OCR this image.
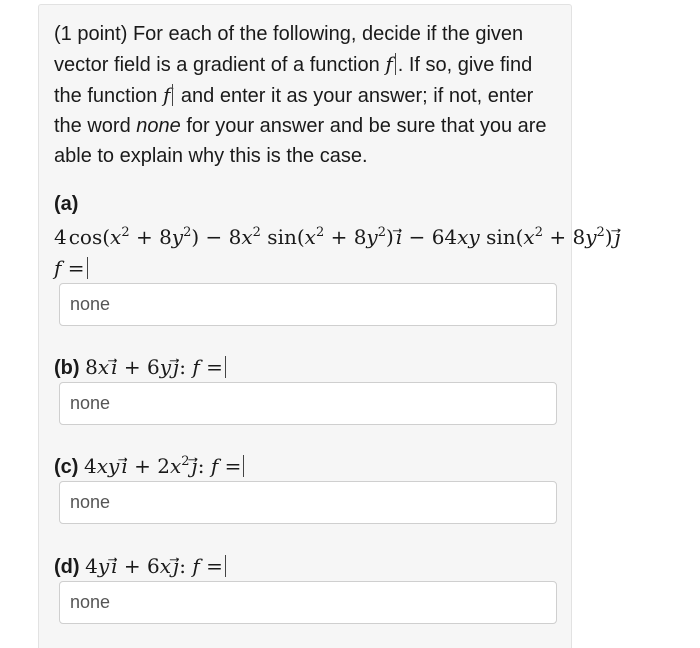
(1 point) For each of the following, decide if the given vector field is a gradient of a function f . If so, give find the function f and enter it as your answer; if not, enter the word none for your answer and be sure that you are able to explain why this is the case.
(a)
4 $\cos(x^2 + 8y^2) - 8x^2$ $\sin(x^2 + 8y^2)$ i⃗ − 64xy $\sin(x^2 + 8y^2)$ j
f =
none
(b) 8x  i⃗ + 6y  j⃗: f =
none
(c) 4xy  i⃗ + $2x^2$  j⃗: f =
none
(d) 4y  i⃗ + 6x  j⃗: f =
none
